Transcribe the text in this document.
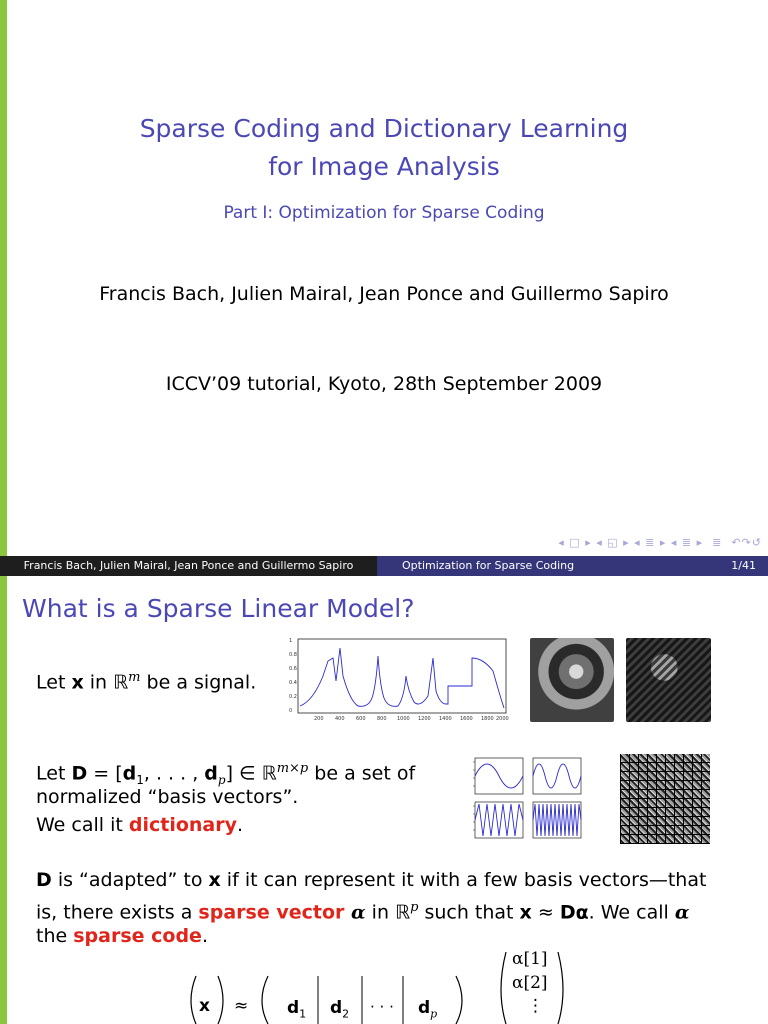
Sparse Coding and Dictionary Learning
for Image Analysis
Part I: Optimization for Sparse Coding
Francis Bach, Julien Mairal, Jean Ponce and Guillermo Sapiro
ICCV’09 tutorial, Kyoto, 28th September 2009
◂ □ ▸ ◂ ◱ ▸ ◂ ≣ ▸ ◂ ≣ ▸  ≣  ↶↷↺
Francis Bach, Julien Mairal, Jean Ponce and Guillermo Sapiro	Optimization for Sparse Coding	1/41
What is a Sparse Linear Model?
Let x in ℝ$^m$ be a signal.
1
0.8
0.6
0.4
0.2
0
200 400 600 800 1000 1200 1400 1600 1800 2000
Let $D = [d_1$, . . . , $d_p$] ∈ ℝ$^{m\times p}$ be a set of
normalized “basis vectors”.
We call it dictionary.
D is “adapted” to x if it can represent it with a few basis vectors—that
is, there exists a sparse vector α in ℝ$^p$ such that x ≈ Dα. We call α
the sparse code.
$x \approx d_1$ $d_2$ · · · $d_p$
α[1]
α[2]
⋮
